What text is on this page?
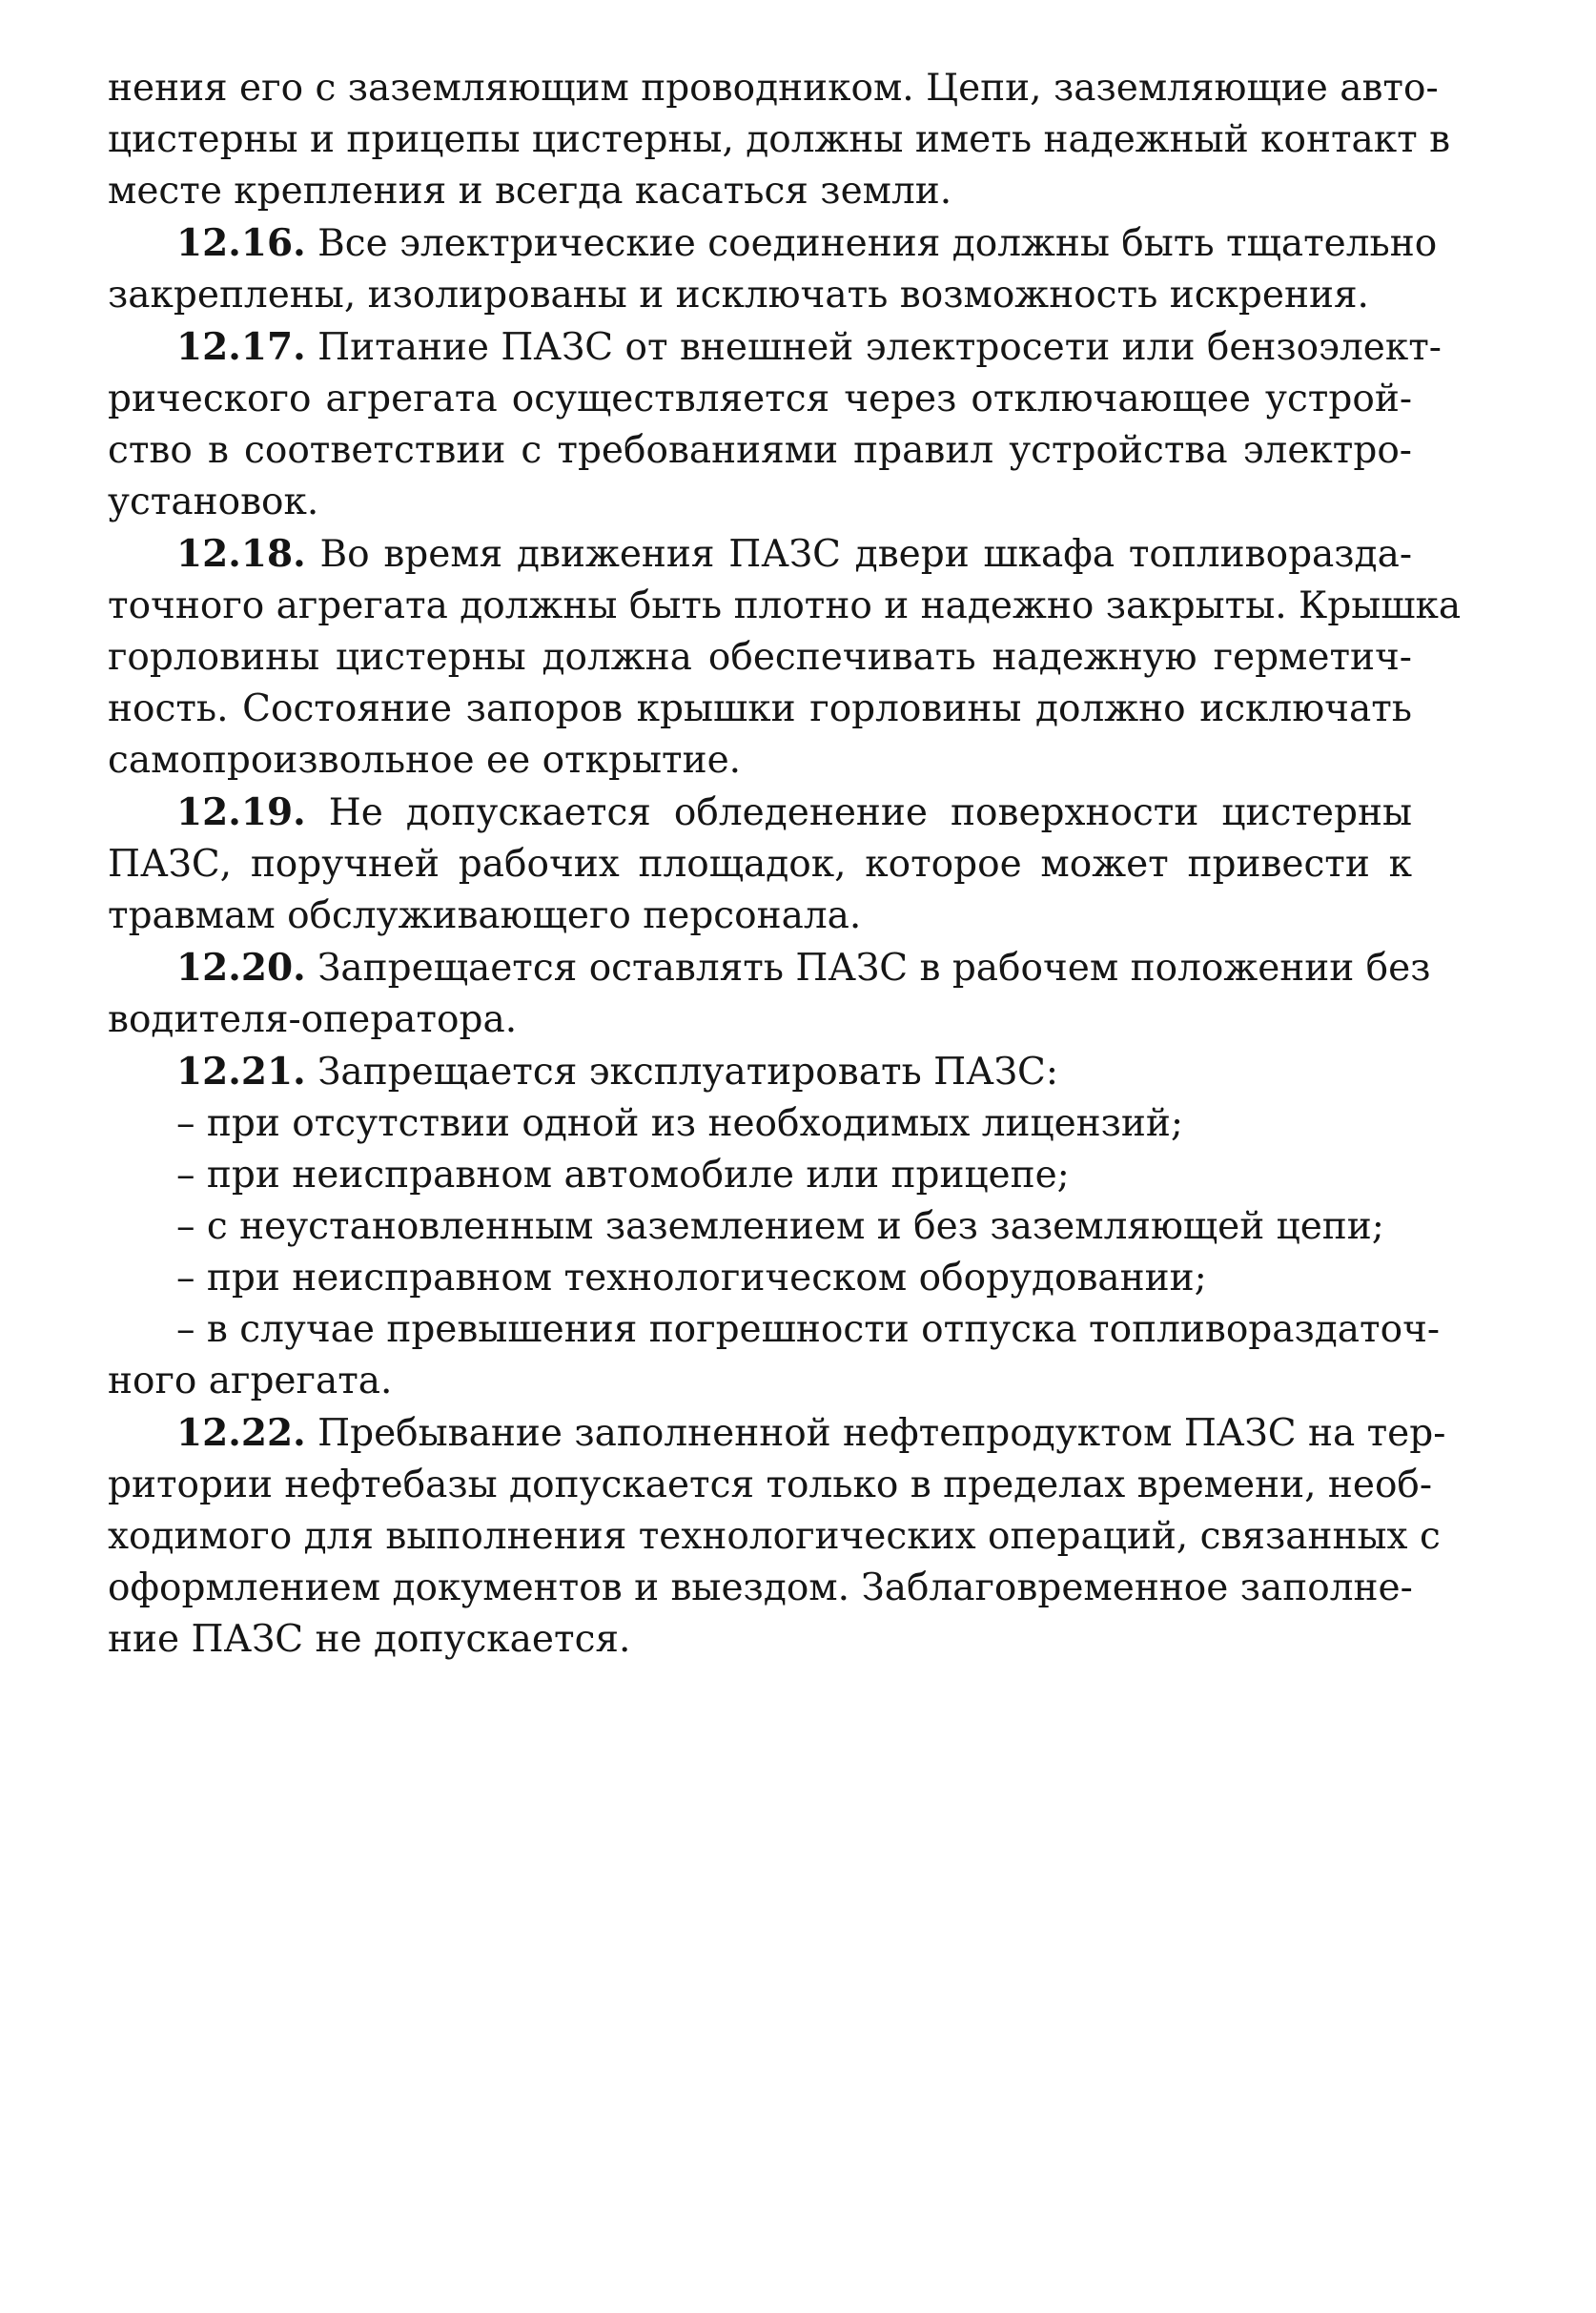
нения его с заземляющим проводником. Цепи, заземляющие авто-
цистерны и прицепы цистерны, должны иметь надежный контакт в
месте крепления и всегда касаться земли.
12.16. Все электрические соединения должны быть тщательно
закреплены, изолированы и исключать возможность искрения.
12.17. Питание ПАЗС от внешней электросети или бензоэлект-
рического агрегата осуществляется через отключающее устрой-
ство в соответствии с требованиями правил устройства электро-
установок.
12.18. Во время движения ПАЗС двери шкафа топливоразда-
точного агрегата должны быть плотно и надежно закрыты. Крышка
горловины цистерны должна обеспечивать надежную герметич-
ность. Состояние запоров крышки горловины должно исключать
самопроизвольное ее открытие.
12.19. Не допускается обледенение поверхности цистерны
ПАЗС, поручней рабочих площадок, которое может привести к
травмам обслуживающего персонала.
12.20. Запрещается оставлять ПАЗС в рабочем положении без
водителя-оператора.
12.21. Запрещается эксплуатировать ПАЗС:
– при отсутствии одной из необходимых лицензий;
– при неисправном автомобиле или прицепе;
– с неустановленным заземлением и без заземляющей цепи;
– при неисправном технологическом оборудовании;
– в случае превышения погрешности отпуска топливораздаточ-
ного агрегата.
12.22. Пребывание заполненной нефтепродуктом ПАЗС на тер-
ритории нефтебазы допускается только в пределах времени, необ-
ходимого для выполнения технологических операций, связанных с
оформлением документов и выездом. Заблаговременное заполне-
ние ПАЗС не допускается.
